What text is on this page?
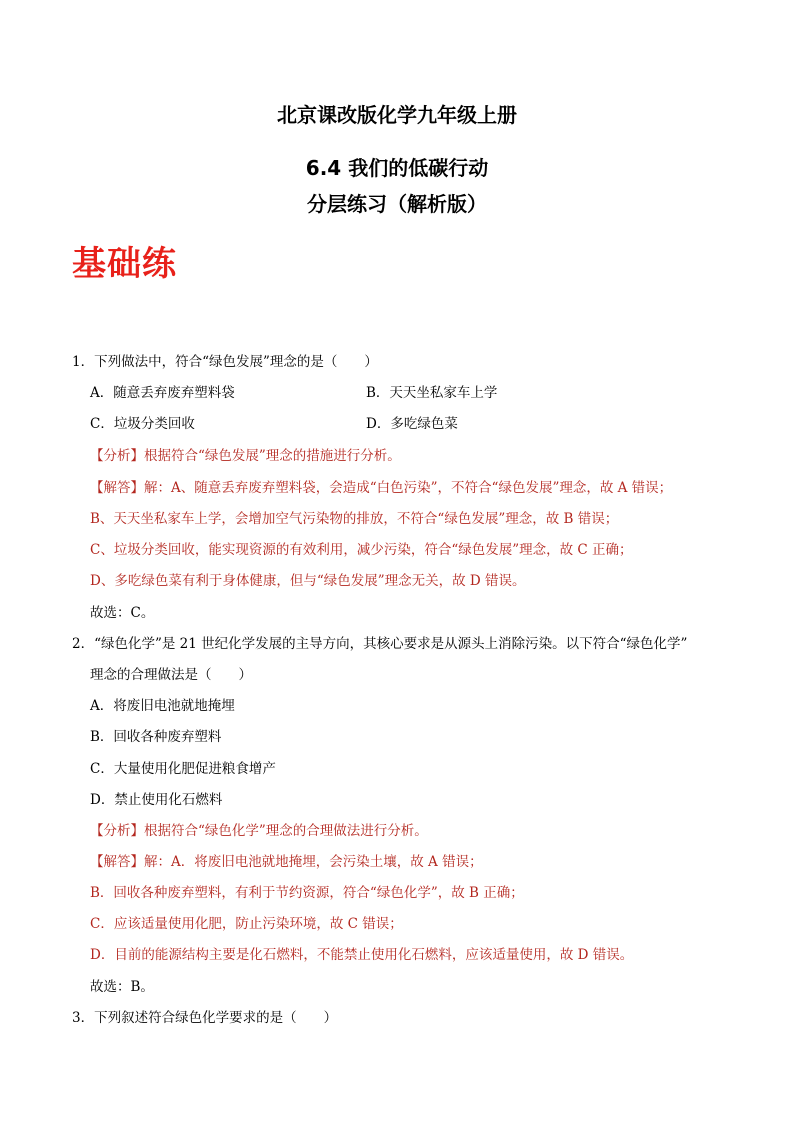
北京课改版化学九年级上册
6.4 我们的低碳行动
分层练习（解析版）
基础练
1．下列做法中，符合“绿色发展”理念的是（　　）
A．随意丢弃废弃塑料袋	B．天天坐私家车上学
C．垃圾分类回收	D．多吃绿色菜
【分析】根据符合“绿色发展”理念的措施进行分析。
【解答】解：A、随意丢弃废弃塑料袋，会造成“白色污染”，不符合“绿色发展”理念，故 A 错误；
B、天天坐私家车上学，会增加空气污染物的排放，不符合“绿色发展”理念，故 B 错误；
C、垃圾分类回收，能实现资源的有效利用，减少污染，符合“绿色发展”理念，故 C 正确；
D、多吃绿色菜有利于身体健康，但与“绿色发展”理念无关，故 D 错误。
故选：C。
2．“绿色化学”是 21 世纪化学发展的主导方向，其核心要求是从源头上消除污染。以下符合“绿色化学”
理念的合理做法是（　　）
A．将废旧电池就地掩埋
B．回收各种废弃塑料
C．大量使用化肥促进粮食增产
D．禁止使用化石燃料
【分析】根据符合“绿色化学”理念的合理做法进行分析。
【解答】解：A．将废旧电池就地掩埋，会污染土壤，故 A 错误；
B．回收各种废弃塑料，有利于节约资源，符合“绿色化学”，故 B 正确；
C．应该适量使用化肥，防止污染环境，故 C 错误；
D．目前的能源结构主要是化石燃料，不能禁止使用化石燃料，应该适量使用，故 D 错误。
故选：B。
3．下列叙述符合绿色化学要求的是（　　）
